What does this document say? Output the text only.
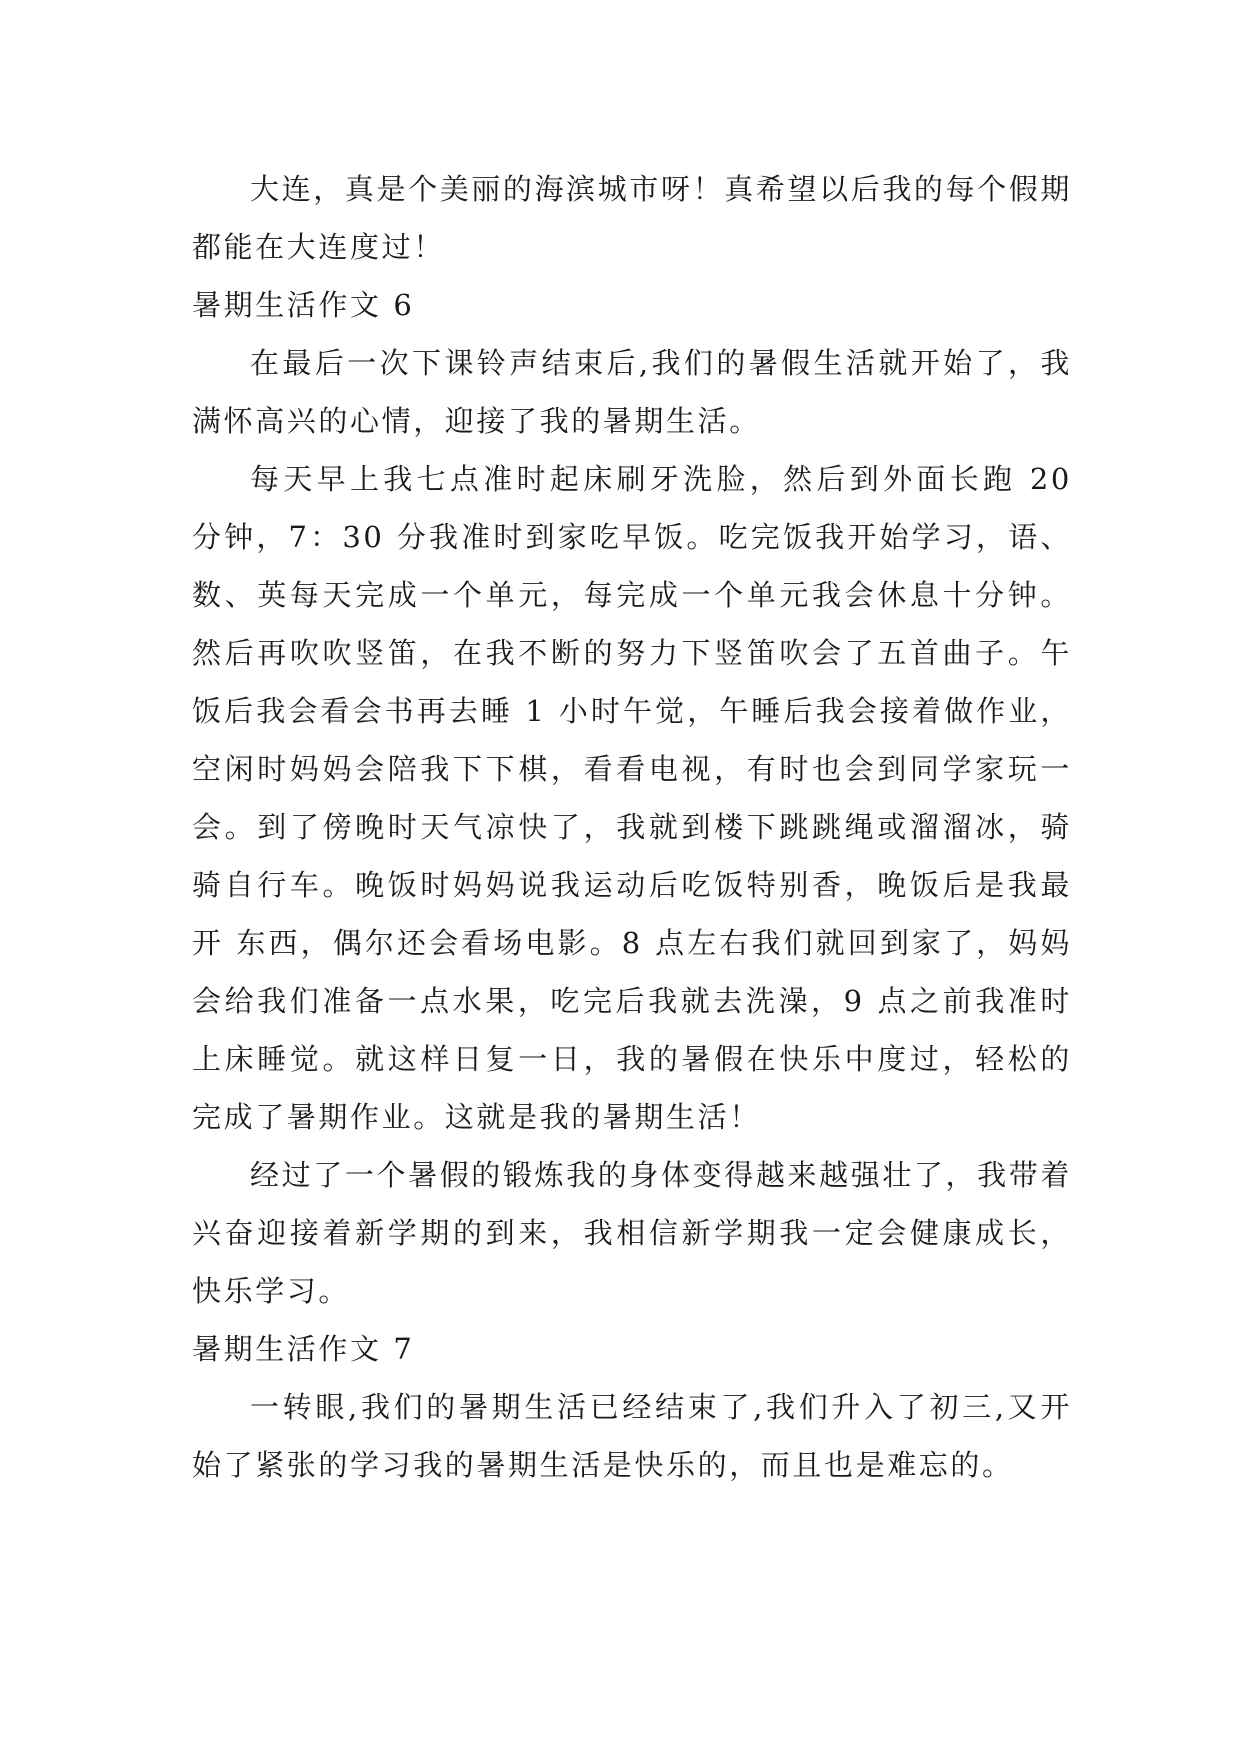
大连，真是个美丽的海滨城市呀！真希望以后我的每个假期都能在大连度过！

暑期生活作文 6

在最后一次下课铃声结束后,我们的暑假生活就开始了，我满怀高兴的心情，迎接了我的暑期生活。

每天早上我七点准时起床刷牙洗脸，然后到外面长跑 20 分钟，7：30 分我准时到家吃早饭。吃完饭我开始学习，语、数、英每天完成一个单元，每完成一个单元我会休息十分钟。然后再吹吹竖笛，在我不断的努力下竖笛吹会了五首曲子。午饭后我会看会书再去睡 1 小时午觉，午睡后我会接着做作业，空闲时妈妈会陪我下下棋，看看电视，有时也会到同学家玩一会。到了傍晚时天气凉快了，我就到楼下跳跳绳或溜溜冰，骑骑自行车。晚饭时妈妈说我运动后吃饭特别香，晚饭后是我最开 东西，偶尔还会看场电影。8 点左右我们就回到家了，妈妈会给我们准备一点水果，吃完后我就去洗澡，9 点之前我准时上床睡觉。就这样日复一日，我的暑假在快乐中度过，轻松的完成了暑期作业。这就是我的暑期生活！

经过了一个暑假的锻炼我的身体变得越来越强壮了，我带着兴奋迎接着新学期的到来，我相信新学期我一定会健康成长，快乐学习。

暑期生活作文 7

一转眼,我们的暑期生活已经结束了,我们升入了初三,又开始了紧张的学习我的暑期生活是快乐的，而且也是难忘的。
